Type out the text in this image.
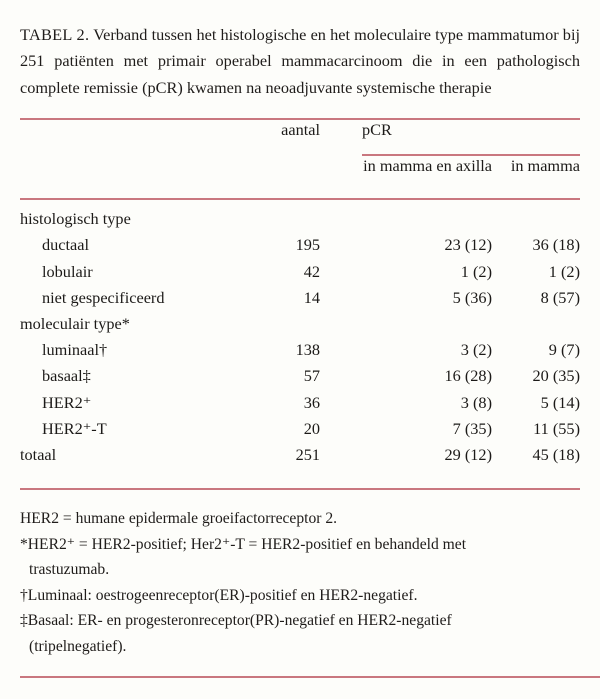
TABEL 2. Verband tussen het histologische en het moleculaire type mammatumor bij 251 patiënten met primair operabel mammacarcinoom die in een pathologisch complete remissie (pCR) kwamen na neoadjuvante systemische therapie
	aantal		pCR	

			in mamma en axilla	in mamma
histologisch type				
ductaal	195		23 (12)	36 (18)
lobulair	42		1 (2)	1 (2)
niet gespecificeerd	14		5 (36)	8 (57)
moleculair type*				
luminaal†	138		3 (2)	9 (7)
basaal‡	57		16 (28)	20 (35)
HER2⁺	36		3 (8)	5 (14)
HER2⁺-T	20		7 (35)	11 (55)
totaal	251		29 (12)	45 (18)
HER2 = humane epidermale groeifactorreceptor 2.
*HER2⁺ = HER2-positief; Her2⁺-T = HER2-positief en behandeld met
trastuzumab.
†Luminaal: oestrogeenreceptor(ER)-positief en HER2-negatief.
‡Basaal: ER- en progesteronreceptor(PR)-negatief en HER2-negatief
(tripelnegatief).
